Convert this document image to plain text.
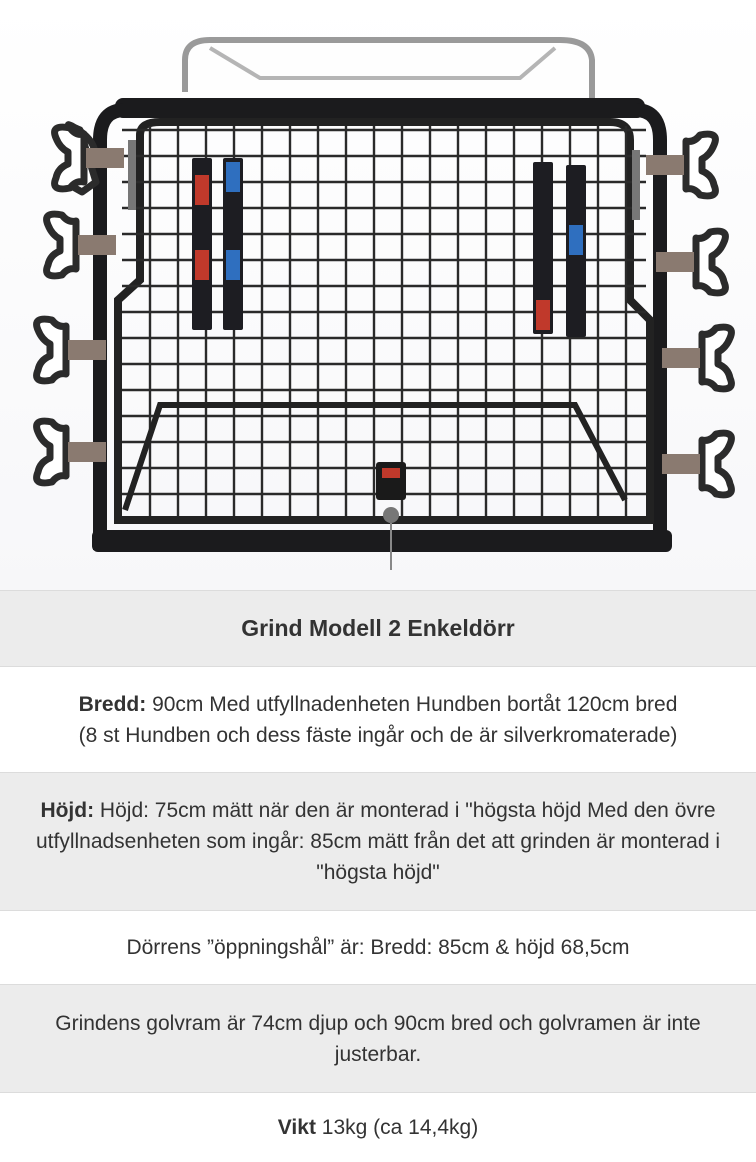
Grind Modell 2 Enkeldörr

Bredd: 90cm Med utfyllnadenheten Hundben bortåt 120cm bred
(8 st Hundben och dess fäste ingår och de är silverkromaterade)

Höjd: Höjd: 75cm mätt när den är monterad i "högsta höjd Med den övre utfyllnadsenheten som ingår: 85cm mätt från det att grinden är monterad i "högsta höjd"

Dörrens ”öppningshål” är: Bredd: 85cm & höjd 68,5cm

Grindens golvram är 74cm djup och 90cm bred och golvramen är inte justerbar.

Vikt 13kg (ca 14,4kg)
